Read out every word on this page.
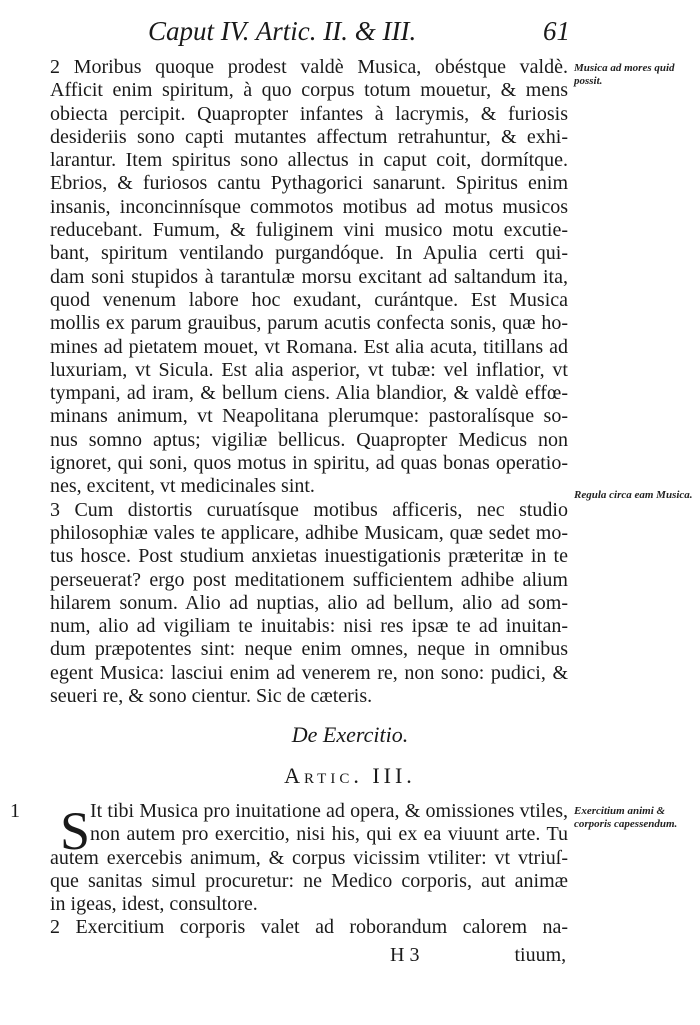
Caput IV. Artic. II. & III.	61
2 Moribus quoque prodest valdè Musica, obéstque valdè.
Afficit enim spiritum, à quo corpus totum mouetur, & mens
obiecta percipit. Quapropter infantes à lacrymis, & furiosis
desideriis sono capti mutantes affectum retrahuntur, & exhi-
larantur. Item spiritus sono allectus in caput coit, dormítque.
Ebrios, & furiosos cantu Pythagorici sanarunt. Spiritus enim
insanis, inconcinnísque commotos motibus ad motus musicos
reducebant. Fumum, & fuliginem vini musico motu excutie-
bant, spiritum ventilando purgandóque. In Apulia certi qui-
dam soni stupidos à tarantulæ morsu excitant ad saltandum ita,
quod venenum labore hoc exudant, curántque. Est Musica
mollis ex parum grauibus, parum acutis confecta sonis, quæ ho-
mines ad pietatem mouet, vt Romana. Est alia acuta, titillans ad
luxuriam, vt Sicula. Est alia asperior, vt tubæ: vel inflatior, vt
tympani, ad iram, & bellum ciens. Alia blandior, & valdè effœ-
minans animum, vt Neapolitana plerumque: pastoralísque so-
nus somno aptus; vigiliæ bellicus. Quapropter Medicus non
ignoret, qui soni, quos motus in spiritu, ad quas bonas operatio-
nes, excitent, vt medicinales sint.
3 Cum distortis curuatísque motibus afficeris, nec studio
philosophiæ vales te applicare, adhibe Musicam, quæ sedet mo-
tus hosce. Post studium anxietas inuestigationis præteritæ in te
perseuerat? ergo post meditationem sufficientem adhibe alium
hilarem sonum. Alio ad nuptias, alio ad bellum, alio ad som-
num, alio ad vigiliam te inuitabis: nisi res ipsæ te ad inuitan-
dum præpotentes sint: neque enim omnes, neque in omnibus
egent Musica: lasciui enim ad venerem re, non sono: pudici, &
seueri re, & sono cientur. Sic de cæteris.
De Exercitio.
Artic. III.
1 S It tibi Musica pro inuitatione ad opera, & omissiones vtiles,
non autem pro exercitio, nisi his, qui ex ea viuunt arte. Tu
autem exercebis animum, & corpus vicissim vtiliter: vt vtriuſ-
que sanitas simul procuretur: ne Medico corporis, aut animæ
in igeas, idest, consultore.
2 Exercitium corporis valet ad roborandum calorem na-
Musica ad mores quid possit.
Regula circa eam Musica.
Exercitium animi & corporis capessendum.
H 3	tiuum,
